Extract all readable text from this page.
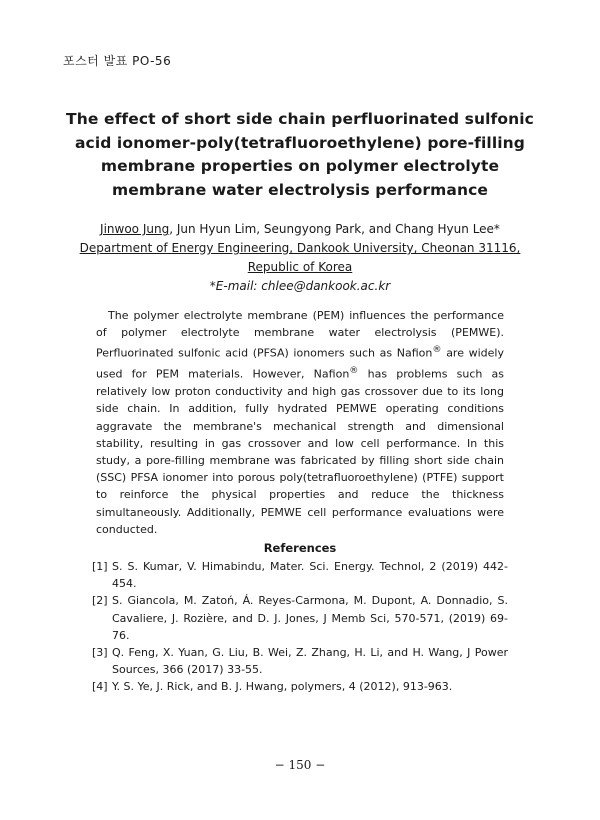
포스터 발표 PO-56
The effect of short side chain perfluorinated sulfonic acid ionomer-poly(tetrafluoroethylene) pore-filling membrane properties on polymer electrolyte membrane water electrolysis performance
Jinwoo Jung, Jun Hyun Lim, Seungyong Park, and Chang Hyun Lee*
Department of Energy Engineering, Dankook University, Cheonan 31116,
Republic of Korea
*E-mail: chlee@dankook.ac.kr
The polymer electrolyte membrane (PEM) influences the performance of polymer electrolyte membrane water electrolysis (PEMWE). Perfluorinated sulfonic acid (PFSA) ionomers such as Nafion® are widely used for PEM materials. However, Nafion® has problems such as relatively low proton conductivity and high gas crossover due to its long side chain. In addition, fully hydrated PEMWE operating conditions aggravate the membrane's mechanical strength and dimensional stability, resulting in gas crossover and low cell performance. In this study, a pore-filling membrane was fabricated by filling short side chain (SSC) PFSA ionomer into porous poly(tetrafluoroethylene) (PTFE) support to reinforce the physical properties and reduce the thickness simultaneously. Additionally, PEMWE cell performance evaluations were conducted.
References
[1] S. S. Kumar, V. Himabindu, Mater. Sci. Energy. Technol, 2 (2019) 442-454.
[2] S. Giancola, M. Zatoń, Á. Reyes-Carmona, M. Dupont, A. Donnadio, S. Cavaliere, J. Rozière, and D. J. Jones, J Memb Sci, 570-571, (2019) 69-76.
[3] Q. Feng, X. Yuan, G. Liu, B. Wei, Z. Zhang, H. Li, and H. Wang, J Power Sources, 366 (2017) 33-55.
[4] Y. S. Ye, J. Rick, and B. J. Hwang, polymers, 4 (2012), 913-963.
− 150 −
